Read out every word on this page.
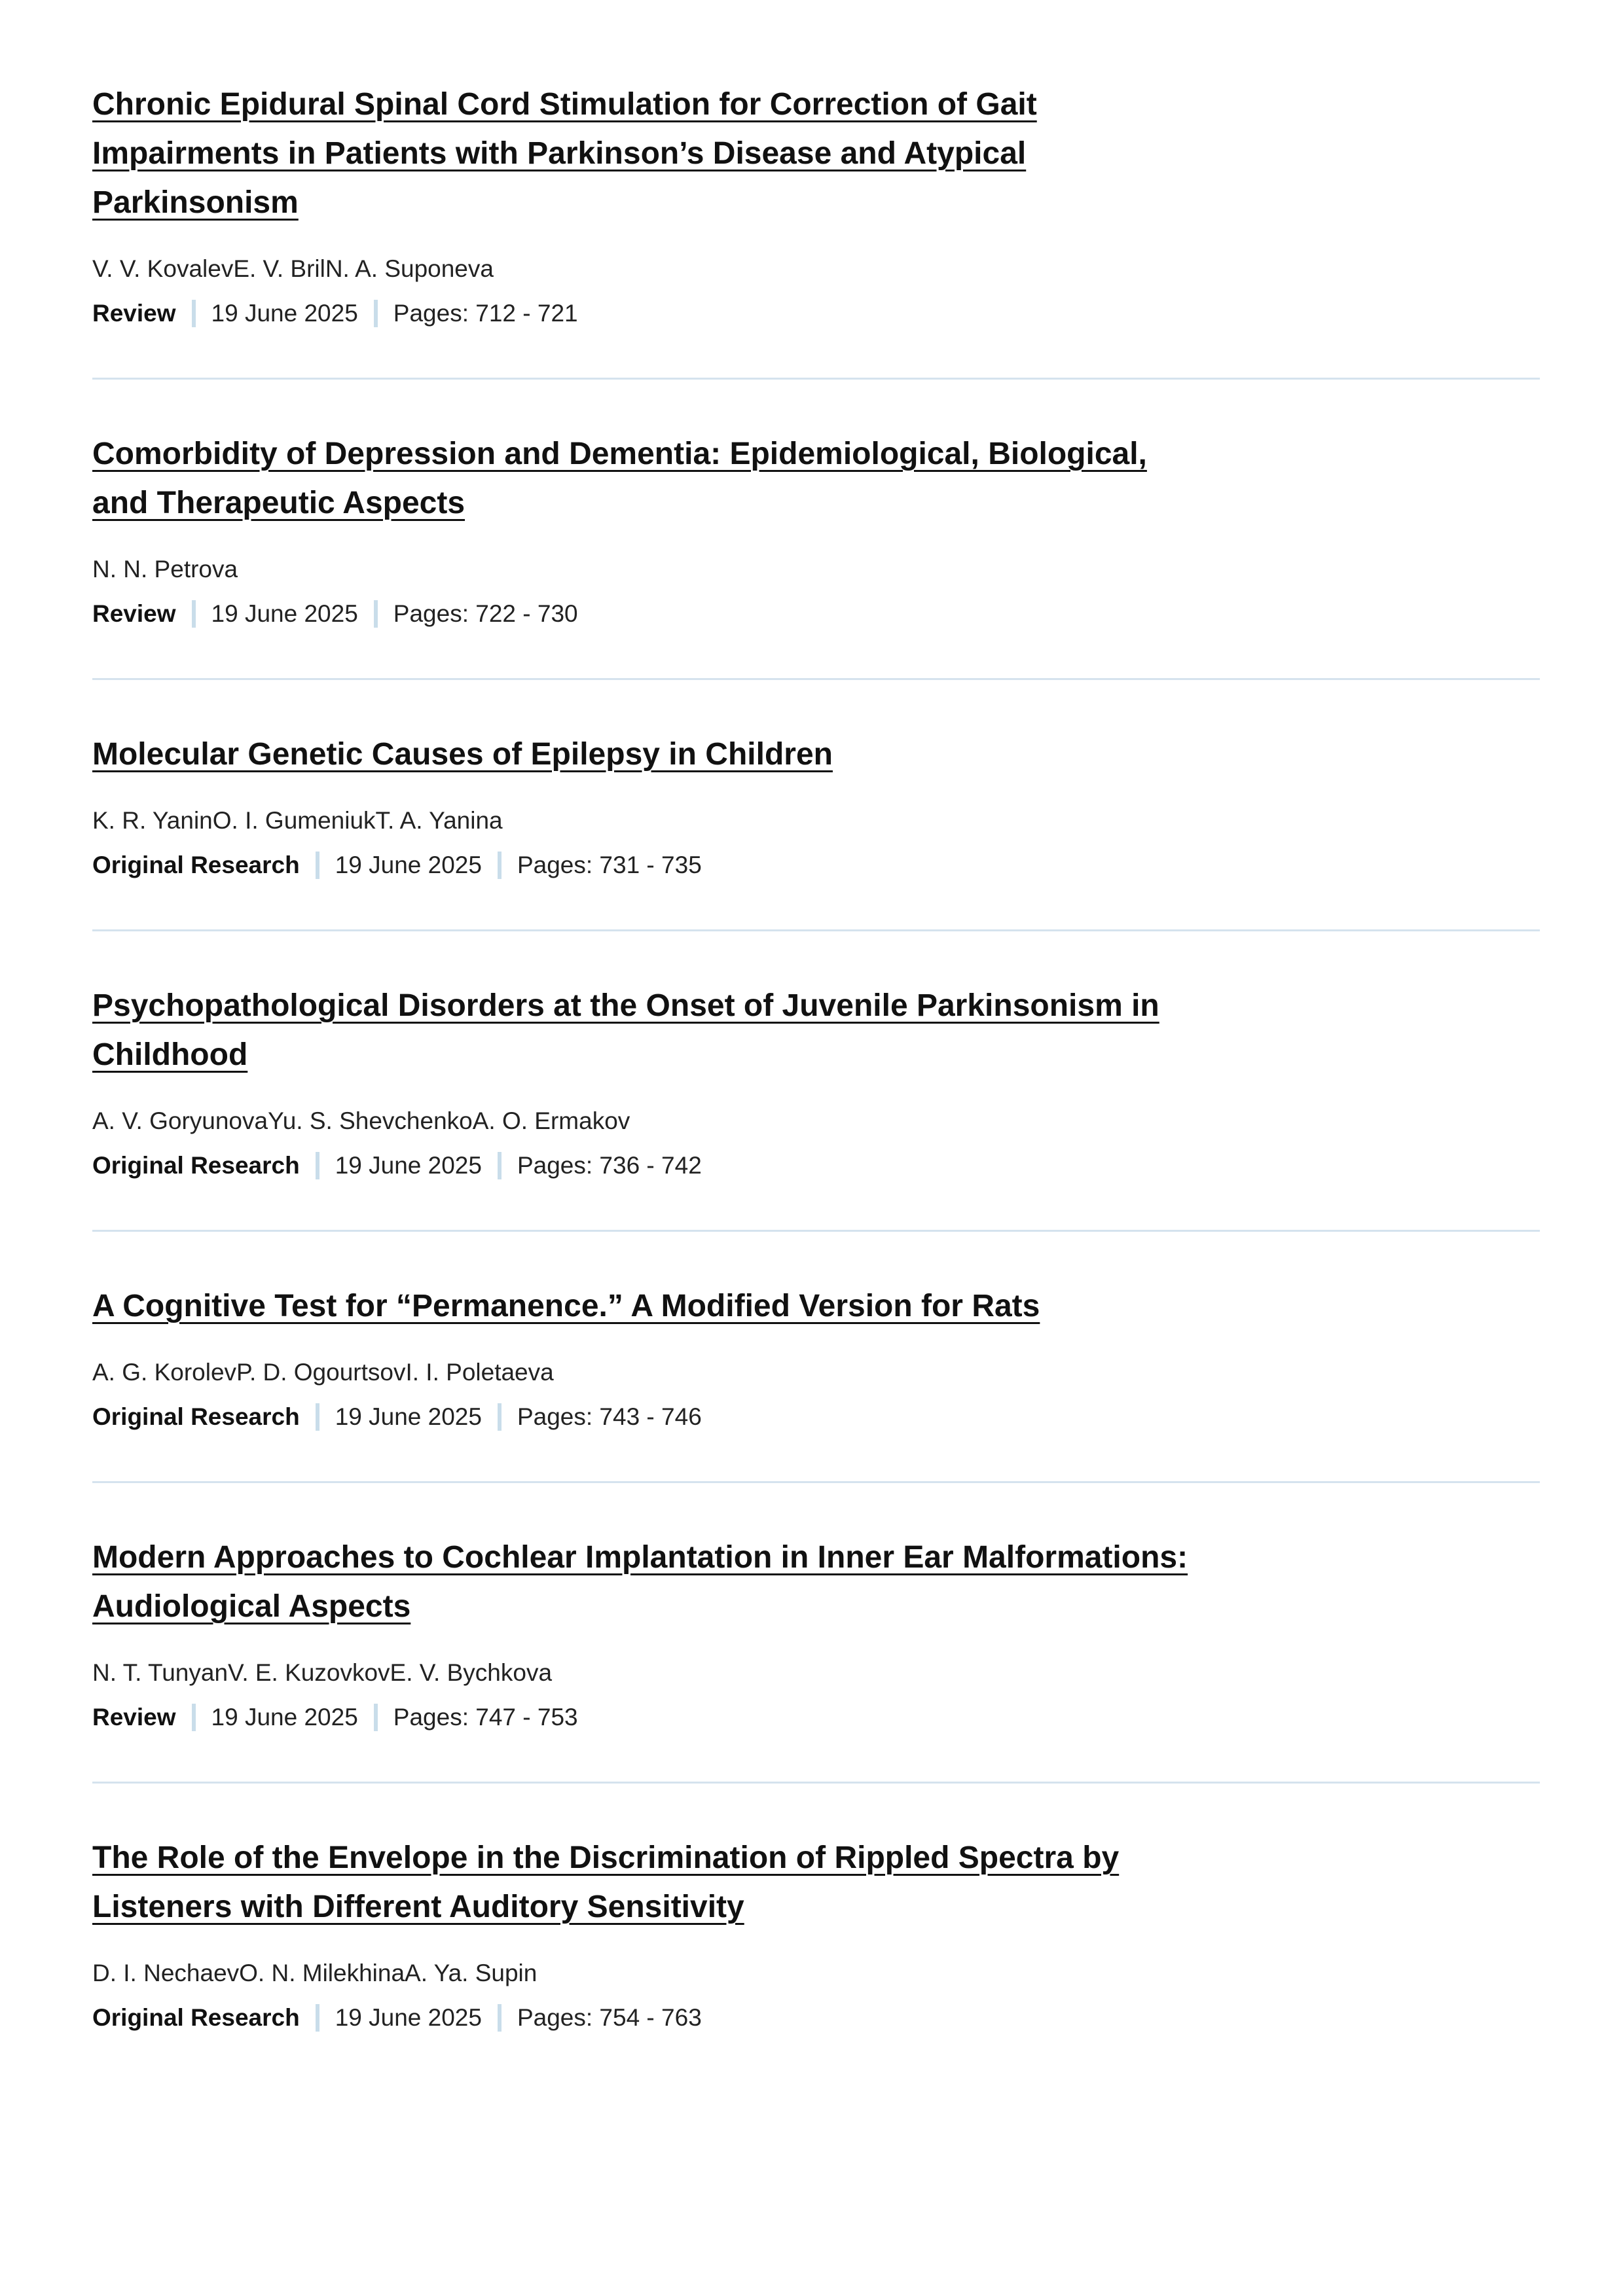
Chronic Epidural Spinal Cord Stimulation for Correction of Gait Impairments in Patients with Parkinson’s Disease and Atypical Parkinsonism
V. V. KovalevE. V. BrilN. A. Suponeva
Review 19 June 2025 Pages: 712 - 721
Comorbidity of Depression and Dementia: Epidemiological, Biological, and Therapeutic Aspects
N. N. Petrova
Review 19 June 2025 Pages: 722 - 730
Molecular Genetic Causes of Epilepsy in Children
K. R. YaninO. I. GumeniukT. A. Yanina
Original Research 19 June 2025 Pages: 731 - 735
Psychopathological Disorders at the Onset of Juvenile Parkinsonism in Childhood
A. V. GoryunovaYu. S. ShevchenkoA. O. Ermakov
Original Research 19 June 2025 Pages: 736 - 742
A Cognitive Test for “Permanence.” A Modified Version for Rats
A. G. KorolevP. D. OgourtsovI. I. Poletaeva
Original Research 19 June 2025 Pages: 743 - 746
Modern Approaches to Cochlear Implantation in Inner Ear Malformations: Audiological Aspects
N. T. TunyanV. E. KuzovkovE. V. Bychkova
Review 19 June 2025 Pages: 747 - 753
The Role of the Envelope in the Discrimination of Rippled Spectra by Listeners with Different Auditory Sensitivity
D. I. NechaevO. N. MilekhinaA. Ya. Supin
Original Research 19 June 2025 Pages: 754 - 763
